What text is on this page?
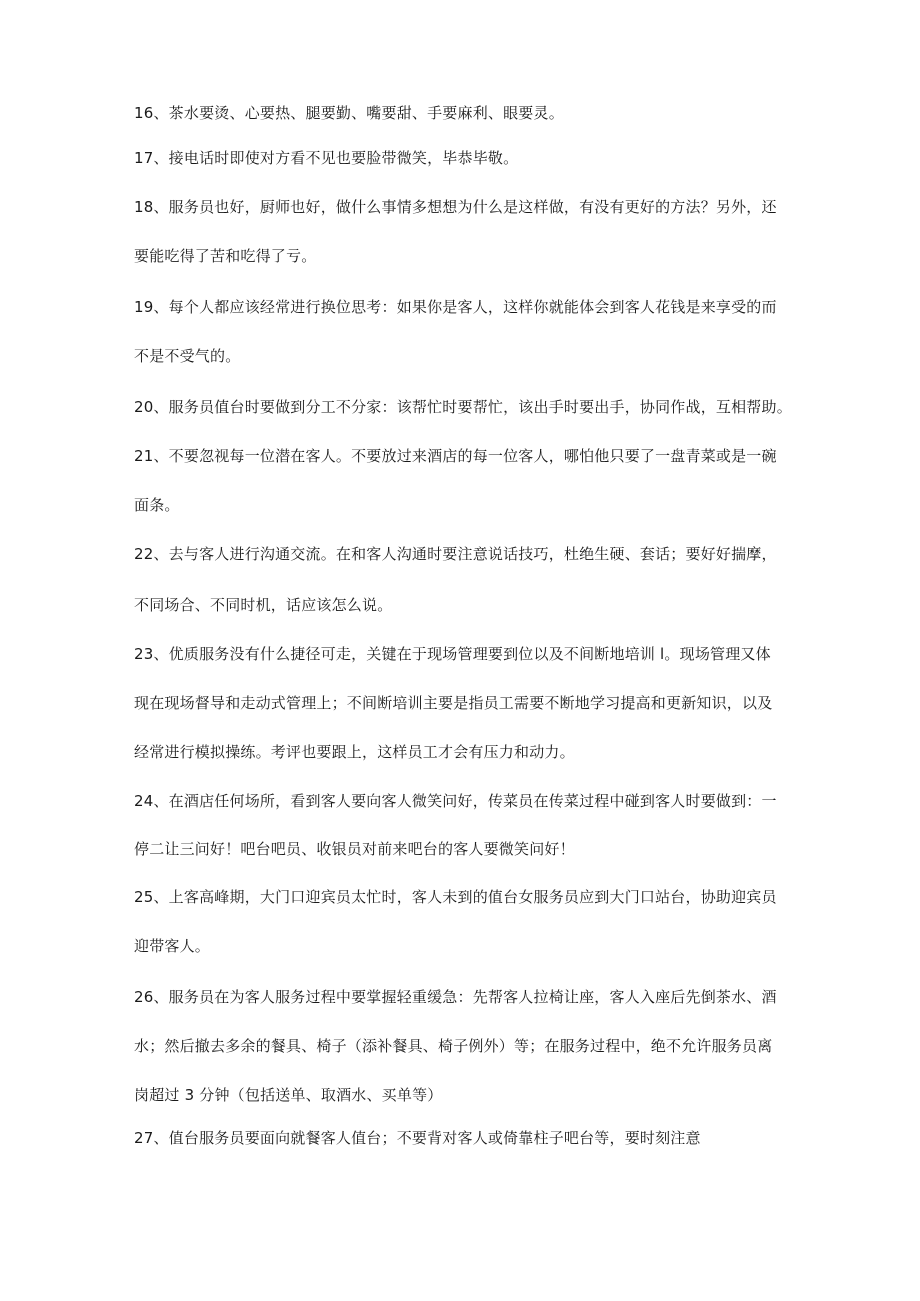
16、茶水要烫、心要热、腿要勤、嘴要甜、手要麻利、眼要灵。
17、接电话时即使对方看不见也要脸带微笑，毕恭毕敬。
18、服务员也好，厨师也好，做什么事情多想想为什么是这样做，有没有更好的方法？另外，还
要能吃得了苦和吃得了亏。
19、每个人都应该经常进行换位思考：如果你是客人，这样你就能体会到客人花钱是来享受的而
不是不受气的。
20、服务员值台时要做到分工不分家：该帮忙时要帮忙，该出手时要出手，协同作战，互相帮助。
21、不要忽视每一位潜在客人。不要放过来酒店的每一位客人，哪怕他只要了一盘青菜或是一碗
面条。
22、去与客人进行沟通交流。在和客人沟通时要注意说话技巧，杜绝生硬、套话；要好好揣摩，
不同场合、不同时机，话应该怎么说。
23、优质服务没有什么捷径可走，关键在于现场管理要到位以及不间断地培训 l。现场管理又体
现在现场督导和走动式管理上；不间断培训主要是指员工需要不断地学习提高和更新知识，以及
经常进行模拟操练。考评也要跟上，这样员工才会有压力和动力。
24、在酒店任何场所，看到客人要向客人微笑问好，传菜员在传菜过程中碰到客人时要做到：一
停二让三问好！吧台吧员、收银员对前来吧台的客人要微笑问好！
25、上客高峰期，大门口迎宾员太忙时，客人未到的值台女服务员应到大门口站台，协助迎宾员
迎带客人。
26、服务员在为客人服务过程中要掌握轻重缓急：先帮客人拉椅让座，客人入座后先倒茶水、酒
水；然后撤去多余的餐具、椅子（添补餐具、椅子例外）等；在服务过程中，绝不允许服务员离
岗超过 3 分钟（包括送单、取酒水、买单等）
27、值台服务员要面向就餐客人值台；不要背对客人或倚靠柱子吧台等，要时刻注意
